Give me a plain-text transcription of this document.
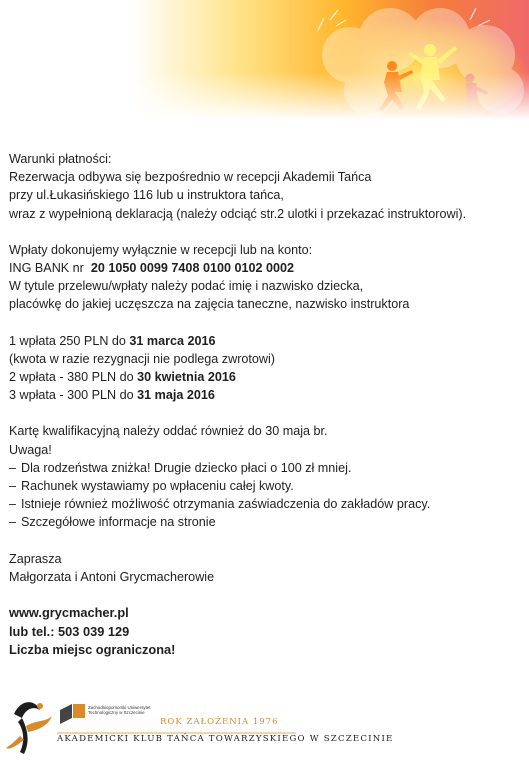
Warunki płatności:
Rezerwacja odbywa się bezpośrednio w recepcji Akademii Tańca
przy ul.Łukasińskiego 116 lub u instruktora tańca,
wraz z wypełnioną deklaracją (należy odciąć str.2 ulotki i przekazać instruktorowi).
Wpłaty dokonujemy wyłącznie w recepcji lub na konto:
ING BANK nr  20 1050 0099 7408 0100 0102 0002
W tytule przelewu/wpłaty należy podać imię i nazwisko dziecka,
placówkę do jakiej uczęszcza na zajęcia taneczne, nazwisko instruktora
1 wpłata 250 PLN do 31 marca 2016
(kwota w razie rezygnacji nie podlega zwrotowi)
2 wpłata - 380 PLN do 30 kwietnia 2016
3 wpłata - 300 PLN do 31 maja 2016
Kartę kwalifikacyjną należy oddać również do 30 maja br.
Uwaga!
– Dla rodzeństwa zniżka! Drugie dziecko płaci o 100 zł mniej.
– Rachunek wystawiamy po wpłaceniu całej kwoty.
– Istnieje również możliwość otrzymania zaświadczenia do zakładów pracy.
– Szczegółowe informacje na stronie
Zaprasza
Małgorzata i Antoni Grycmacherowie
www.grycmacher.pl
lub tel.: 503 039 129
Liczba miejsc ograniczona!
Zachodniopomorski Uniwersytet Technologiczny w Szczecinie
ROK ZAŁOŻENIA 1976
AKADEMICKI KLUB TAŃCA TOWARZYSKIEGO W SZCZECINIE
